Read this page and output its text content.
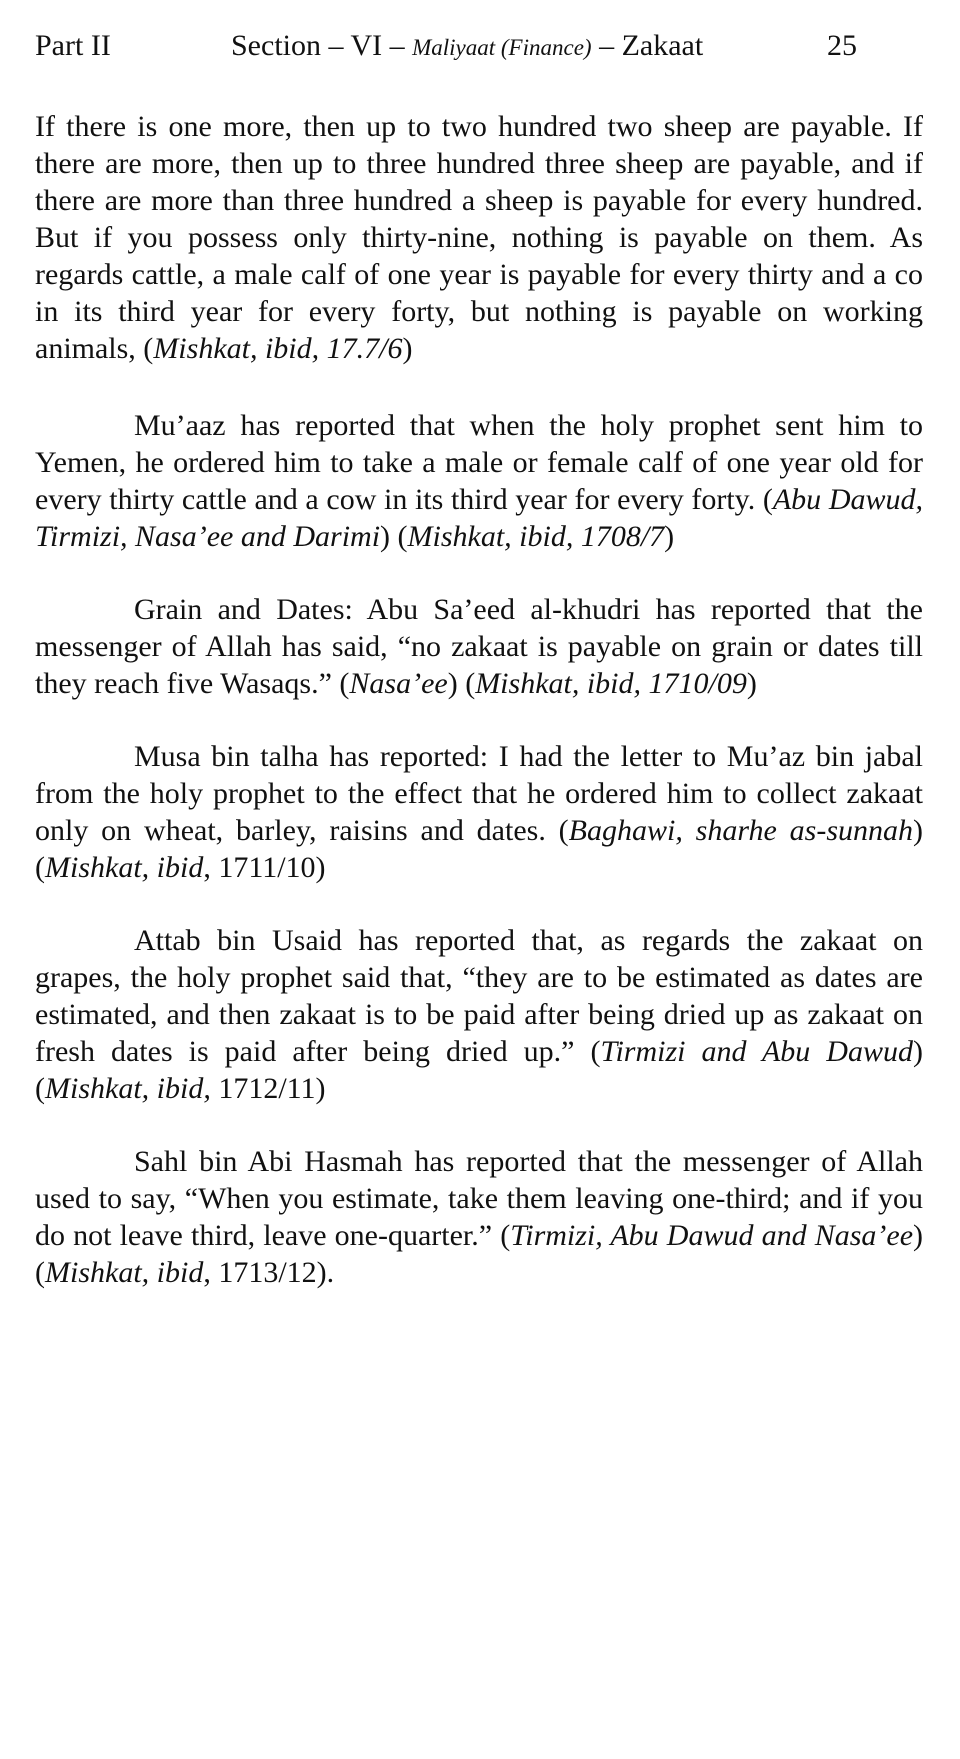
Part II	Section – VI – Maliyaat (Finance) – Zakaat	25

If there is one more, then up to two hundred two sheep are payable. If there are more, then up to three hundred three sheep are payable, and if there are more than three hundred a sheep is payable for every hundred. But if you possess only thirty-nine, nothing is payable on them. As regards cattle, a male calf of one year is payable for every thirty and a co in its third year for every forty, but nothing is payable on working animals, (Mishkat, ibid, 17.7/6)

Mu’aaz has reported that when the holy prophet sent him to Yemen, he ordered him to take a male or female calf of one year old for every thirty cattle and a cow in its third year for every forty. (Abu Dawud, Tirmizi, Nasa’ee and Darimi) (Mishkat, ibid, 1708/7)

Grain and Dates: Abu Sa’eed al-khudri has reported that the messenger of Allah has said, “no zakaat is payable on grain or dates till they reach five Wasaqs.” (Nasa’ee) (Mishkat, ibid, 1710/09)

Musa bin talha has reported: I had the letter to Mu’az bin jabal from the holy prophet to the effect that he ordered him to collect zakaat only on wheat, barley, raisins and dates. (Baghawi, sharhe as-sunnah) (Mishkat, ibid, 1711/10)

Attab bin Usaid has reported that, as regards the zakaat on grapes, the holy prophet said that, “they are to be estimated as dates are estimated, and then zakaat is to be paid after being dried up as zakaat on fresh dates is paid after being dried up.” (Tirmizi and Abu Dawud) (Mishkat, ibid, 1712/11)

Sahl bin Abi Hasmah has reported that the messenger of Allah used to say, “When you estimate, take them leaving one-third; and if you do not leave third, leave one-quarter.” (Tirmizi, Abu Dawud and Nasa’ee) (Mishkat, ibid, 1713/12).
